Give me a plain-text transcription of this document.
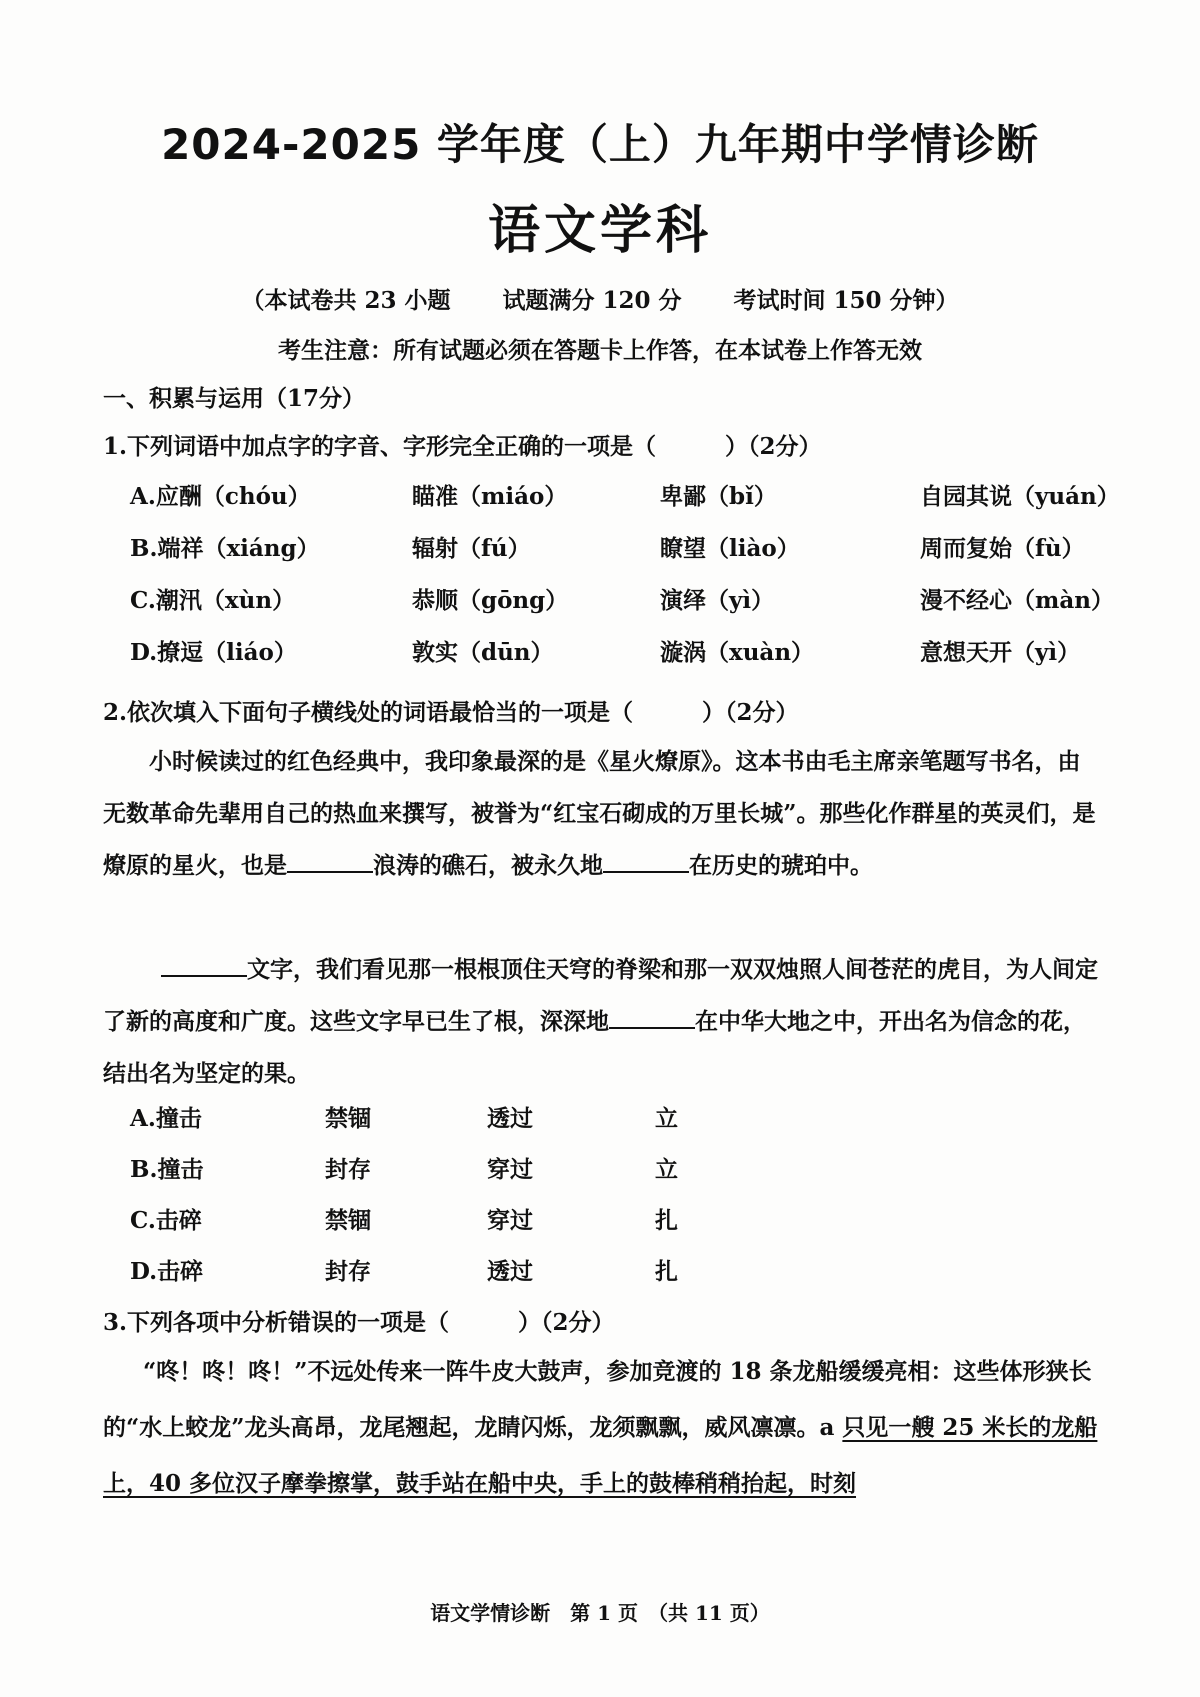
2024-2025 学年度（上）九年期中学情诊断
语文学科
（本试卷共 23 小题 试题满分 120 分 考试时间 150 分钟）
考生注意：所有试题必须在答题卡上作答，在本试卷上作答无效
一、积累与运用（17分）
1.下列词语中加点字的字音、字形完全正确的一项是（　　　）（2分）
A.应酬（chóu）	瞄准（miáo）	卑鄙（bǐ）	自园其说（yuán）
B.端祥（xiáng）	辐射（fú）	瞭望（liào）	周而复始（fù）
C.潮汛（xùn）	恭顺（gōng）	演绎（yì）	漫不经心（màn）
D.撩逗（liáo）	敦实（dūn）	漩涡（xuàn）	意想天开（yì）
2.依次填入下面句子横线处的词语最恰当的一项是（　　　）（2分）
小时候读过的红色经典中，我印象最深的是《星火燎原》。这本书由毛主席亲笔题写书名，由无数革命先辈用自己的热血来撰写，被誉为“红宝石砌成的万里长城”。那些化作群星的英灵们，是燎原的星火，也是	浪涛的礁石，被永久地	在历史的琥珀中。
文字，我们看见那一根根顶住天穹的脊梁和那一双双烛照人间苍茫的虎目，为人间定了新的高度和广度。这些文字早已生了根，深深地	在中华大地之中，开出名为信念的花，结出名为坚定的果。
A.撞击	禁锢	透过	立
B.撞击	封存	穿过	立
C.击碎	禁锢	穿过	扎
D.击碎	封存	透过	扎
3.下列各项中分析错误的一项是（　　　）（2分）
“咚！咚！咚！”不远处传来一阵牛皮大鼓声，参加竞渡的 18 条龙船缓缓亮相：这些体形狭长的“水上蛟龙”龙头高昂，龙尾翘起，龙睛闪烁，龙须飘飘，威风凛凛。a 只见一艘 25 米长的龙船上，40 多位汉子摩拳擦掌，鼓手站在船中央，手上的鼓棒稍稍抬起，时刻
语文学情诊断　第 1 页　（共 11 页）
